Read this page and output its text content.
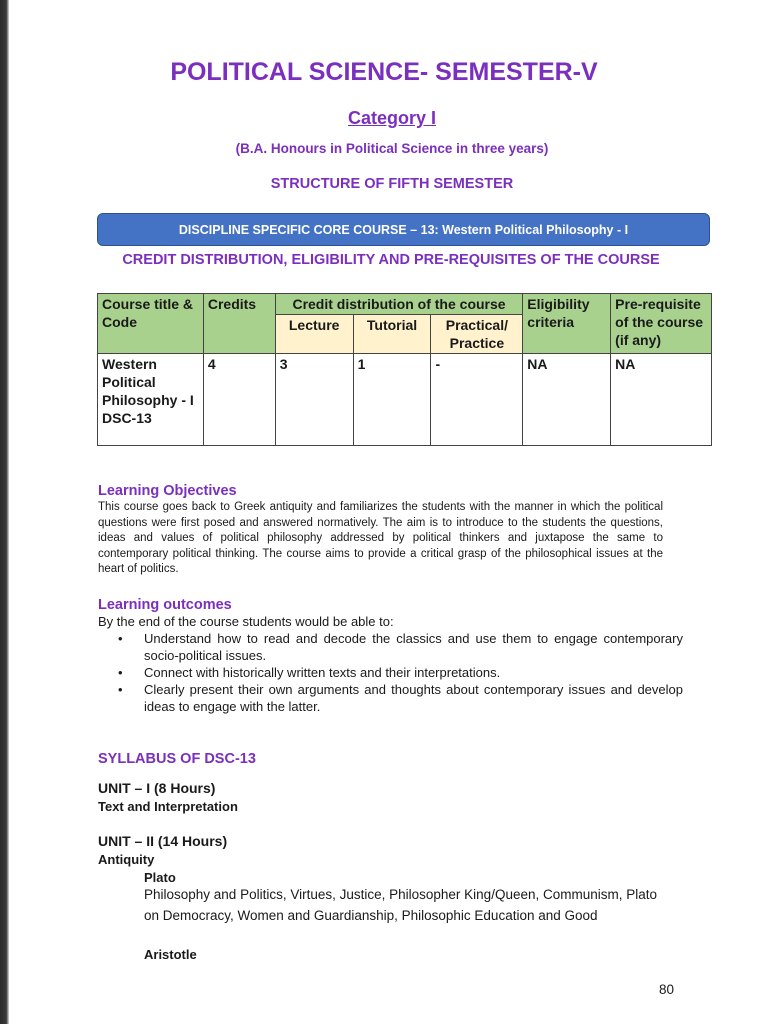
POLITICAL SCIENCE- SEMESTER-V
Category I
(B.A. Honours in Political Science in three years)
STRUCTURE OF FIFTH SEMESTER
DISCIPLINE SPECIFIC CORE COURSE – 13: Western Political Philosophy - I
CREDIT DISTRIBUTION, ELIGIBILITY AND PRE-REQUISITES OF THE COURSE
Course title & Code	Credits	Credit distribution of the course			Eligibility criteria	Pre-requisite of the course (if any)
		Lecture	Tutorial	Practical/ Practice		
Western Political Philosophy - I DSC-13	4	3	1	-	NA	NA
Learning Objectives
This course goes back to Greek antiquity and familiarizes the students with the manner in which the political questions were first posed and answered normatively. The aim is to introduce to the students the questions, ideas and values of political philosophy addressed by political thinkers and juxtapose the same to contemporary political thinking. The course aims to provide a critical grasp of the philosophical issues at the heart of politics.
Learning outcomes
By the end of the course students would be able to:
• Understand how to read and decode the classics and use them to engage contemporary socio-political issues.
• Connect with historically written texts and their interpretations.
• Clearly present their own arguments and thoughts about contemporary issues and develop ideas to engage with the latter.
SYLLABUS OF DSC-13
UNIT – I (8 Hours)
Text and Interpretation
UNIT – II (14 Hours)
Antiquity
Plato
Philosophy and Politics, Virtues, Justice, Philosopher King/Queen, Communism, Plato on Democracy, Women and Guardianship, Philosophic Education and Good
Aristotle
80
